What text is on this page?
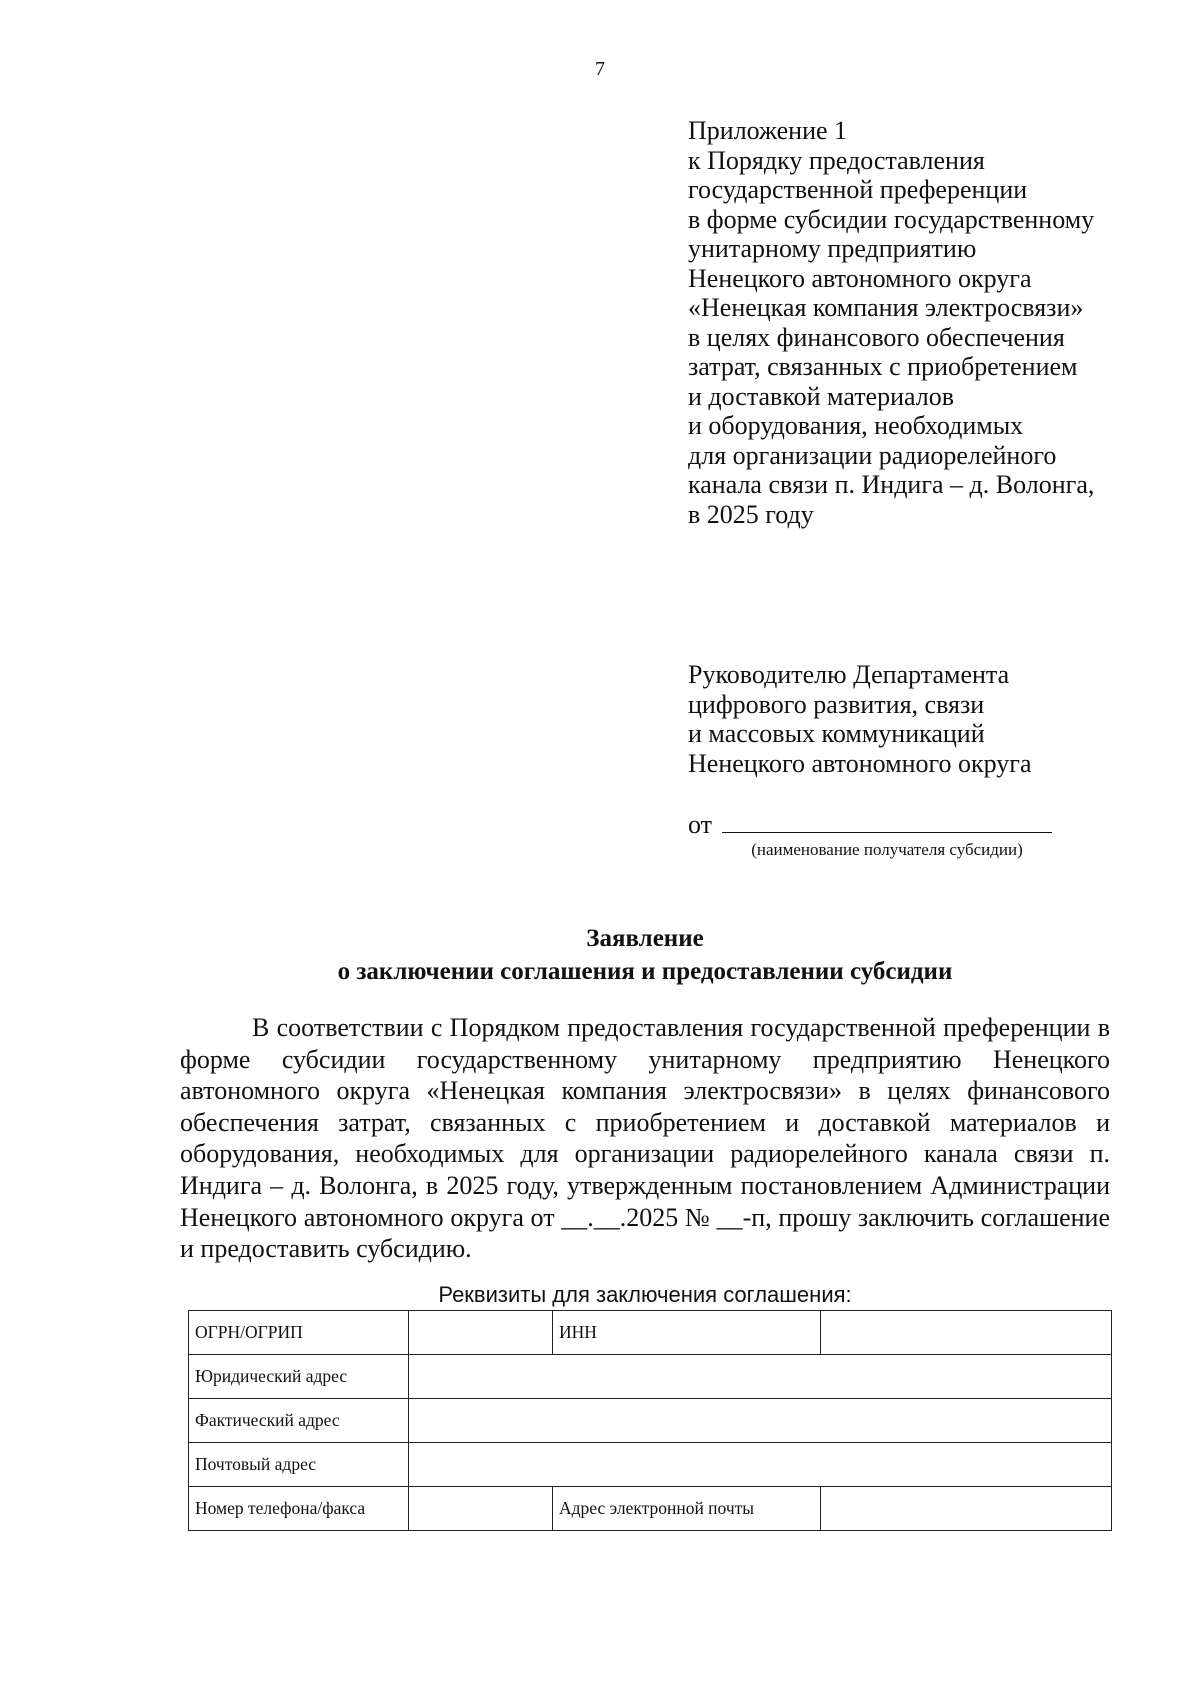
7
Приложение 1
к Порядку предоставления
государственной преференции
в форме субсидии государственному
унитарному предприятию
Ненецкого автономного округа
«Ненецкая компания электросвязи»
в целях финансового обеспечения
затрат, связанных с приобретением
и доставкой материалов
и оборудования, необходимых
для организации радиорелейного
канала связи п. Индига – д. Волонга,
в 2025 году
Руководителю Департамента
цифрового развития, связи
и массовых коммуникаций
Ненецкого автономного округа
от
(наименование получателя субсидии)
Заявление
о заключении соглашения и предоставлении субсидии
В соответствии с Порядком предоставления государственной преференции в форме субсидии государственному унитарному предприятию Ненецкого автономного округа «Ненецкая компания электросвязи» в целях финансового обеспечения затрат, связанных с приобретением и доставкой материалов и оборудования, необходимых для организации радиорелейного канала связи п. Индига – д. Волонга, в 2025 году, утвержденным постановлением Администрации Ненецкого автономного округа от __.__.2025 № __-п, прошу заключить соглашение и предоставить субсидию.
Реквизиты для заключения соглашения:
ОГРН/ОГРИП		ИНН	
Юридический адрес			
Фактический адрес			
Почтовый адрес			
Номер телефона/факса		Адрес электронной почты	
